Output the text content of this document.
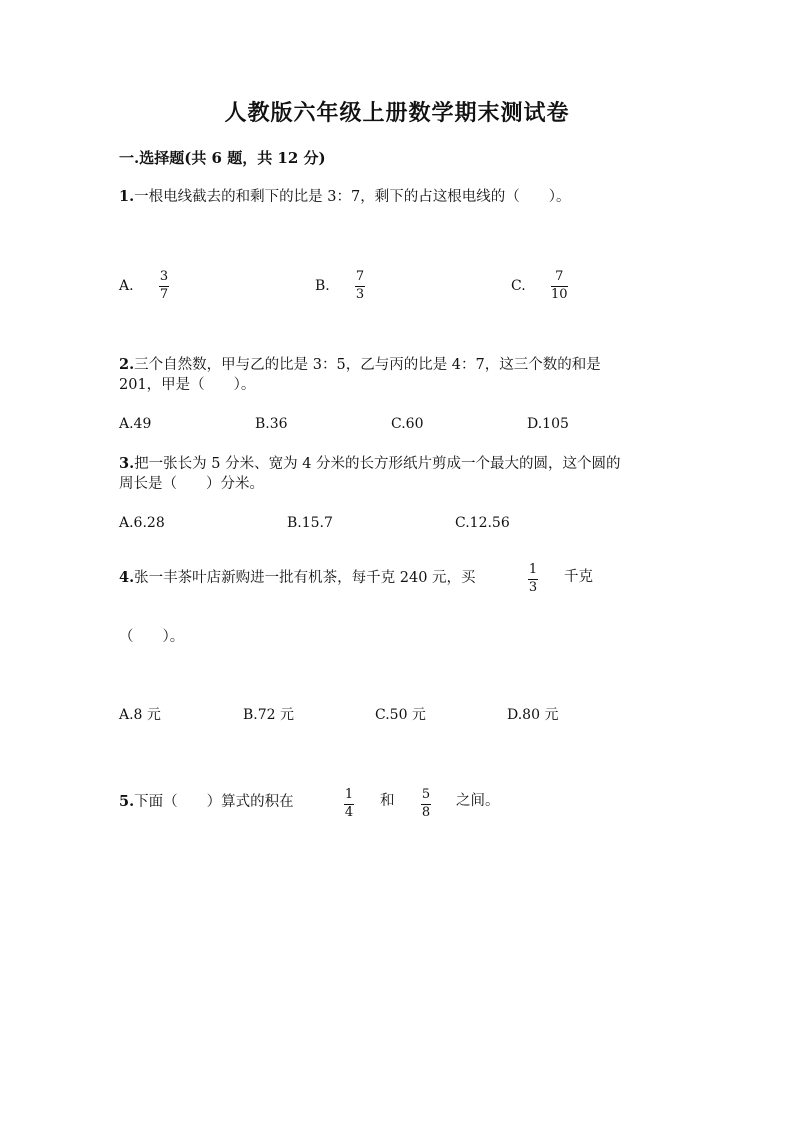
人教版六年级上册数学期末测试卷
一.选择题(共 6 题，共 12 分)
1.一根电线截去的和剩下的比是 3：7，剩下的占这根电线的（　　）。
A.
3
7
B.
7
3
C.
7
10
2.三个自然数，甲与乙的比是 3：5，乙与丙的比是 4：7，这三个数的和是
201，甲是（　　）。
A.49	B.36	C.60	D.105
3.把一张长为 5 分米、宽为 4 分米的长方形纸片剪成一个最大的圆，这个圆的
周长是（　　）分米。
A.6.28	B.15.7	C.12.56
4.张一丰茶叶店新购进一批有机茶，每千克 240 元，买
1
3
千克
（　　）。
A.8 元	B.72 元	C.50 元	D.80 元
5.下面（　　）算式的积在	1
4
和 5
8
之间。
